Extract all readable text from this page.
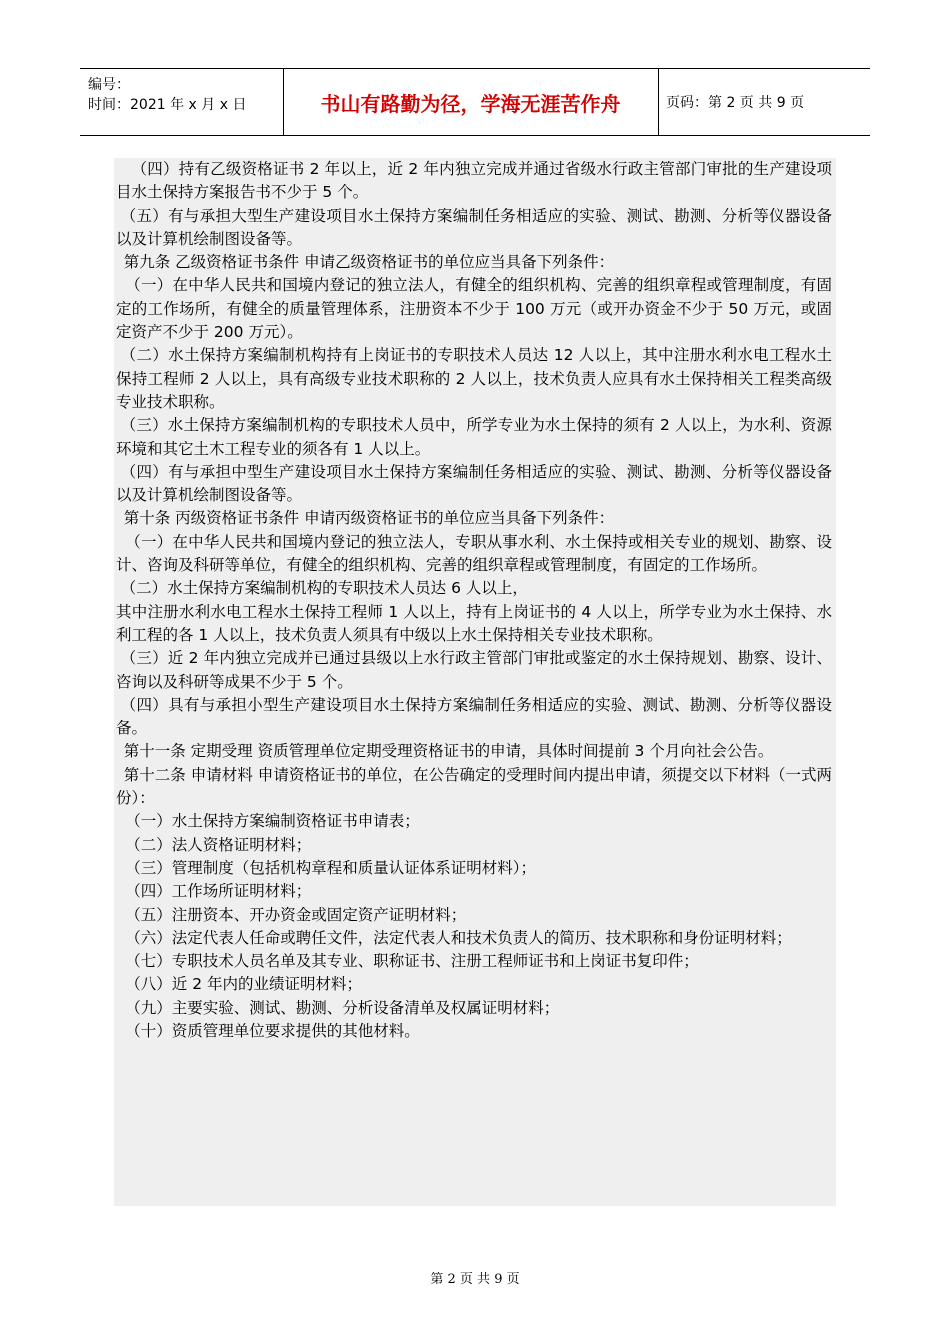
编号：
时间：2021 年 x 月 x 日	书山有路勤为径，学海无涯苦作舟	页码：第 2 页 共 9 页

（四）持有乙级资格证书 2 年以上，近 2 年内独立完成并通过省级水行政主管部门审批的生产建设项目水土保持方案报告书不少于 5 个。

（五）有与承担大型生产建设项目水土保持方案编制任务相适应的实验、测试、勘测、分析等仪器设备以及计算机绘制图设备等。

第九条 乙级资格证书条件 申请乙级资格证书的单位应当具备下列条件：

（一）在中华人民共和国境内登记的独立法人，有健全的组织机构、完善的组织章程或管理制度，有固定的工作场所，有健全的质量管理体系，注册资本不少于 100 万元（或开办资金不少于 50 万元，或固定资产不少于 200 万元）。

（二）水土保持方案编制机构持有上岗证书的专职技术人员达 12 人以上，其中注册水利水电工程水土保持工程师 2 人以上，具有高级专业技术职称的 2 人以上，技术负责人应具有水土保持相关工程类高级专业技术职称。

（三）水土保持方案编制机构的专职技术人员中，所学专业为水土保持的须有 2 人以上，为水利、资源环境和其它土木工程专业的须各有 1 人以上。

（四）有与承担中型生产建设项目水土保持方案编制任务相适应的实验、测试、勘测、分析等仪器设备以及计算机绘制图设备等。

第十条 丙级资格证书条件 申请丙级资格证书的单位应当具备下列条件：

（一）在中华人民共和国境内登记的独立法人，专职从事水利、水土保持或相关专业的规划、勘察、设计、咨询及科研等单位，有健全的组织机构、完善的组织章程或管理制度，有固定的工作场所。

（二）水土保持方案编制机构的专职技术人员达 6 人以上，

其中注册水利水电工程水土保持工程师 1 人以上，持有上岗证书的 4 人以上，所学专业为水土保持、水利工程的各 1 人以上，技术负责人须具有中级以上水土保持相关专业技术职称。

（三）近 2 年内独立完成并已通过县级以上水行政主管部门审批或鉴定的水土保持规划、勘察、设计、咨询以及科研等成果不少于 5 个。

（四）具有与承担小型生产建设项目水土保持方案编制任务相适应的实验、测试、勘测、分析等仪器设备。

第十一条 定期受理 资质管理单位定期受理资格证书的申请，具体时间提前 3 个月向社会公告。

第十二条 申请材料 申请资格证书的单位，在公告确定的受理时间内提出申请，须提交以下材料（一式两份）：

（一）水土保持方案编制资格证书申请表；

（二）法人资格证明材料；

（三）管理制度（包括机构章程和质量认证体系证明材料）；

（四）工作场所证明材料；

（五）注册资本、开办资金或固定资产证明材料；

（六）法定代表人任命或聘任文件，法定代表人和技术负责人的简历、技术职称和身份证明材料；

（七）专职技术人员名单及其专业、职称证书、注册工程师证书和上岗证书复印件；

（八）近 2 年内的业绩证明材料；

（九）主要实验、测试、勘测、分析设备清单及权属证明材料；

（十）资质管理单位要求提供的其他材料。

第 2 页 共 9 页
